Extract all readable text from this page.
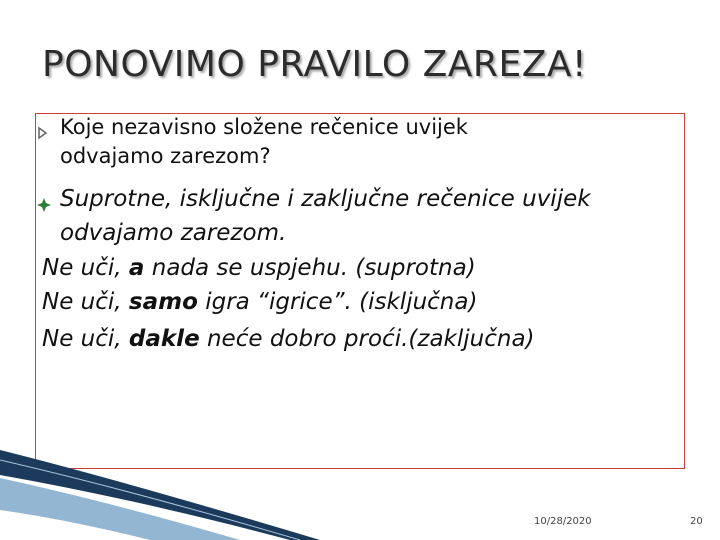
PONOVIMO PRAVILO ZAREZA!
Koje nezavisno složene rečenice uvijek
odvajamo zarezom?
Suprotne, isključne i zaključne rečenice uvijek
odvajamo zarezom.
Ne uči, a nada se uspjehu. (suprotna)
Ne uči, samo igra “igrice”. (isključna)
Ne uči, dakle neće dobro proći.(zaključna)
10/28/2020	20
